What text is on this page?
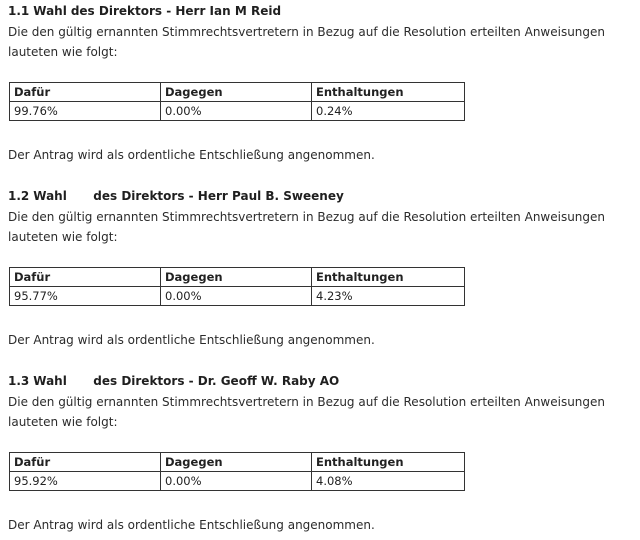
1.1 Wahl des Direktors - Herr Ian M Reid
Die den gültig ernannten Stimmrechtsvertretern in Bezug auf die Resolution erteilten Anweisungen lauteten wie folgt:
Dafür	Dagegen	Enthaltungen
99.76%	0.00%	0.24%
Der Antrag wird als ordentliche Entschließung angenommen.
1.2 Wahl des Direktors - Herr Paul B. Sweeney
Die den gültig ernannten Stimmrechtsvertretern in Bezug auf die Resolution erteilten Anweisungen lauteten wie folgt:
Dafür	Dagegen	Enthaltungen
95.77%	0.00%	4.23%
Der Antrag wird als ordentliche Entschließung angenommen.
1.3 Wahl des Direktors - Dr. Geoff W. Raby AO
Die den gültig ernannten Stimmrechtsvertretern in Bezug auf die Resolution erteilten Anweisungen lauteten wie folgt:
Dafür	Dagegen	Enthaltungen
95.92%	0.00%	4.08%
Der Antrag wird als ordentliche Entschließung angenommen.
